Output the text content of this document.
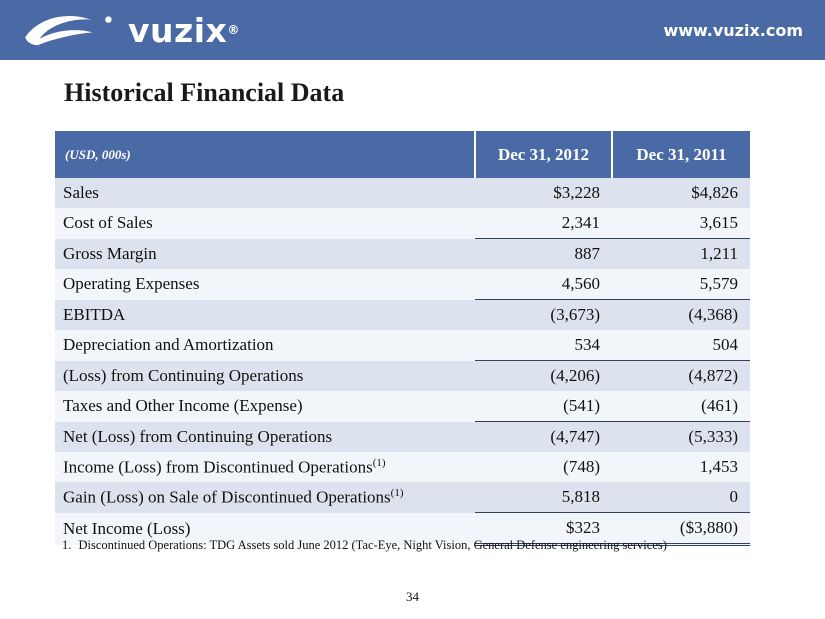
vuzix ®	www.vuzix.com
Historical Financial Data
(USD, 000s)	Dec 31, 2012	Dec 31, 2011
Sales	$3,228	$4,826
Cost of Sales	2,341	3,615
Gross Margin	887	1,211
Operating Expenses	4,560	5,579
EBITDA	(3,673)	(4,368)
Depreciation and Amortization	534	504
(Loss) from Continuing Operations	(4,206)	(4,872)
Taxes and Other Income (Expense)	(541)	(461)
Net (Loss) from Continuing Operations	(4,747)	(5,333)
Income (Loss) from Discontinued Operations$^{(1)}$	(748)	1,453
Gain (Loss) on Sale of Discontinued Operations$^{(1)}$	5,818	0
Net Income (Loss)	$323	($3,880)
1. Discontinued Operations: TDG Assets sold June 2012 (Tac-Eye, Night Vision, General Defense engineering services)
34
